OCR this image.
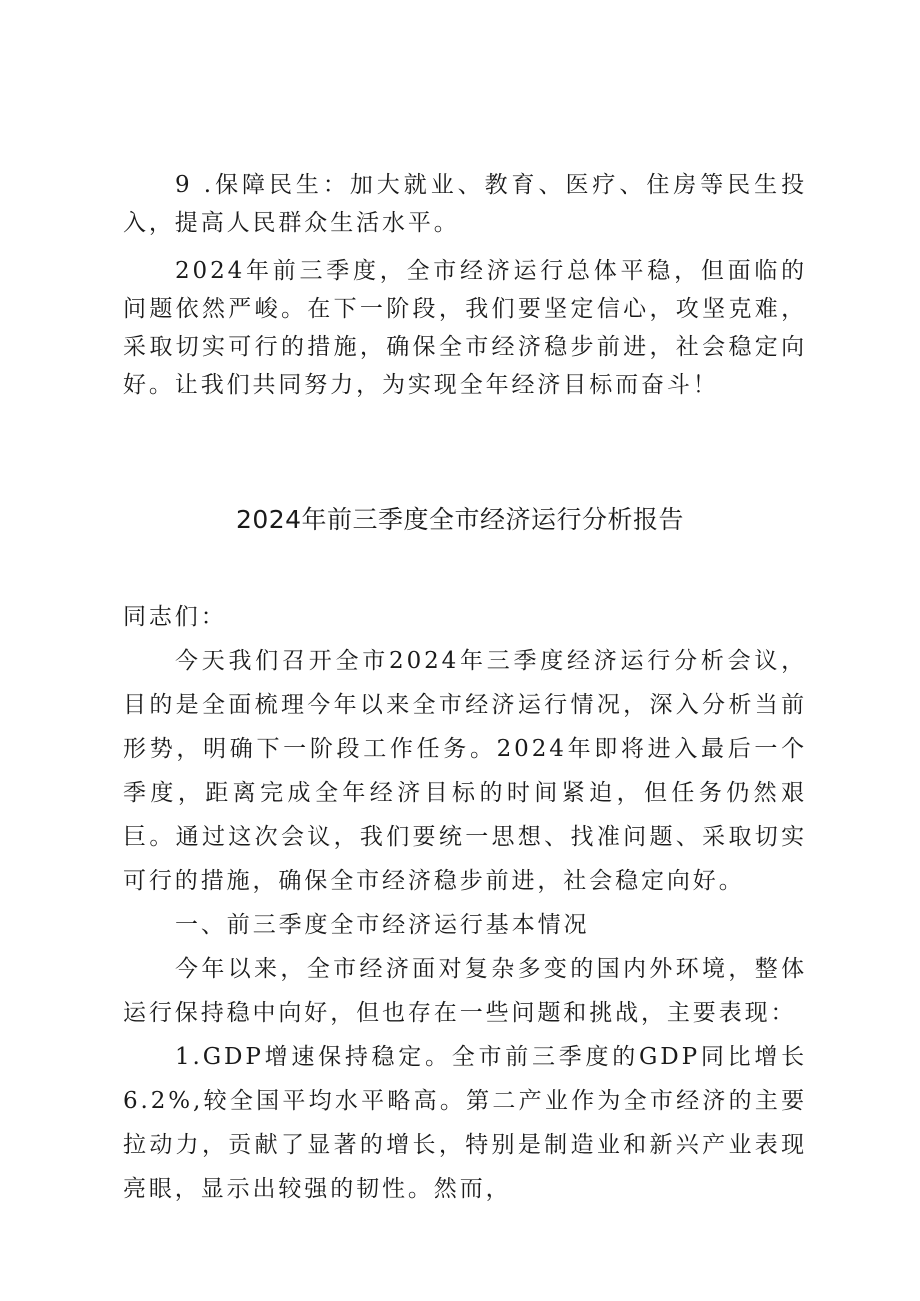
9 .保障民生：加大就业、教育、医疗、住房等民生投入，提高人民群众生活水平。

2024年前三季度，全市经济运行总体平稳，但面临的问题依然严峻。在下一阶段，我们要坚定信心，攻坚克难，采取切实可行的措施，确保全市经济稳步前进，社会稳定向好。让我们共同努力，为实现全年经济目标而奋斗！

2024年前三季度全市经济运行分析报告

同志们：

今天我们召开全市2024年三季度经济运行分析会议，目的是全面梳理今年以来全市经济运行情况，深入分析当前形势，明确下一阶段工作任务。2024年即将进入最后一个季度，距离完成全年经济目标的时间紧迫，但任务仍然艰巨。通过这次会议，我们要统一思想、找准问题、采取切实可行的措施，确保全市经济稳步前进，社会稳定向好。

一、前三季度全市经济运行基本情况

今年以来，全市经济面对复杂多变的国内外环境，整体运行保持稳中向好，但也存在一些问题和挑战，主要表现：

1.GDP增速保持稳定。全市前三季度的GDP同比增长6.2%,较全国平均水平略高。第二产业作为全市经济的主要拉动力，贡献了显著的增长，特别是制造业和新兴产业表现亮眼，显示出较强的韧性。然而，
